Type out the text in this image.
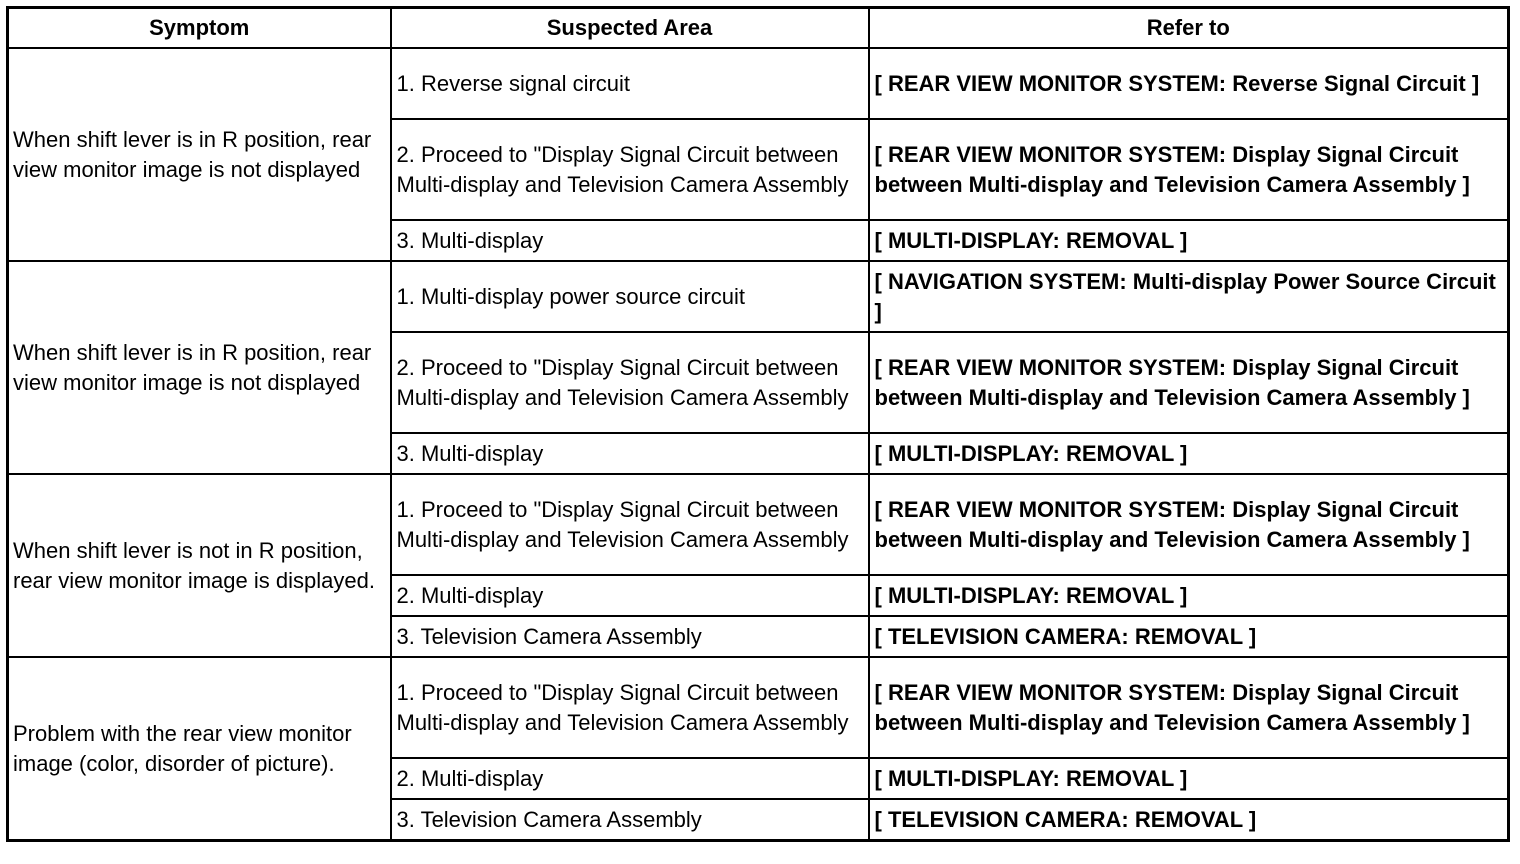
Symptom	Suspected Area	Refer to
When shift lever is in R position, rear view monitor image is not displayed	1. Reverse signal circuit	[ REAR VIEW MONITOR SYSTEM: Reverse Signal Circuit ]
	2. Proceed to "Display Signal Circuit between Multi-display and Television Camera Assembly	[ REAR VIEW MONITOR SYSTEM: Display Signal Circuit between Multi-display and Television Camera Assembly ]
	3. Multi-display	[ MULTI-DISPLAY: REMOVAL ]
When shift lever is in R position, rear view monitor image is not displayed	1. Multi-display power source circuit	[ NAVIGATION SYSTEM: Multi-display Power Source Circuit ]
	2. Proceed to "Display Signal Circuit between Multi-display and Television Camera Assembly	[ REAR VIEW MONITOR SYSTEM: Display Signal Circuit between Multi-display and Television Camera Assembly ]
	3. Multi-display	[ MULTI-DISPLAY: REMOVAL ]
When shift lever is not in R position, rear view monitor image is displayed.	1. Proceed to "Display Signal Circuit between Multi-display and Television Camera Assembly	[ REAR VIEW MONITOR SYSTEM: Display Signal Circuit between Multi-display and Television Camera Assembly ]
	2. Multi-display	[ MULTI-DISPLAY: REMOVAL ]
	3. Television Camera Assembly	[ TELEVISION CAMERA: REMOVAL ]
Problem with the rear view monitor image (color, disorder of picture).	1. Proceed to "Display Signal Circuit between Multi-display and Television Camera Assembly	[ REAR VIEW MONITOR SYSTEM: Display Signal Circuit between Multi-display and Television Camera Assembly ]
	2. Multi-display	[ MULTI-DISPLAY: REMOVAL ]
	3. Television Camera Assembly	[ TELEVISION CAMERA: REMOVAL ]
